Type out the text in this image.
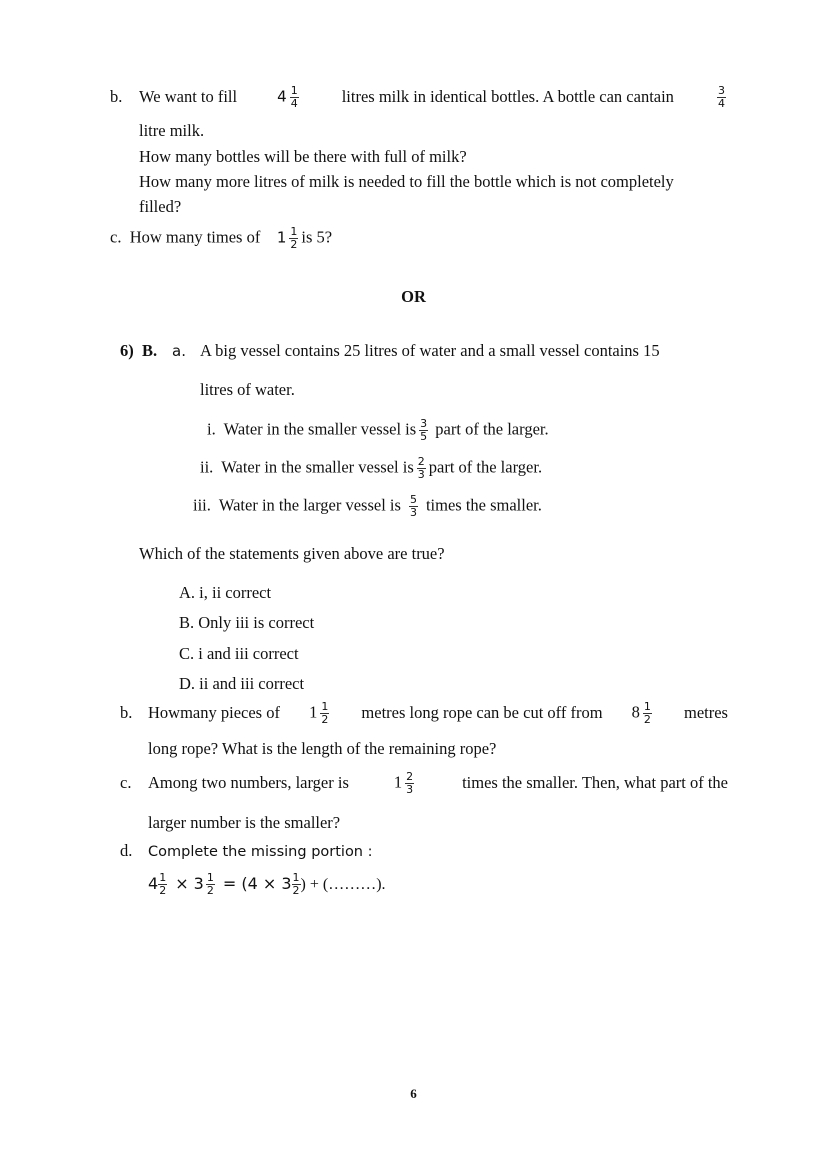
b. We want to fill	$4 \frac{1}{4}$	litres milk in identical bottles. A bottle can cantain	3
4
litre milk.
How many bottles will be there with full of milk?
How many more litres of milk is needed to fill the bottle which is not completely
filled?
c. How many times of $1 \frac{1}{2}$ is 5?
OR
6) B. a. A big vessel contains 25 litres of water and a small vessel contains 15
litres of water.
i. Water in the smaller vessel is $\frac{3}{5}$ part of the larger.
ii. Water in the smaller vessel is $\frac{2}{3}$ part of the larger.
iii. Water in the larger vessel is $\frac{5}{3}$ times the smaller.
Which of the statements given above are true?
A. i, ii correct
B. Only iii is correct
C. i and iii correct
D. ii and iii correct
b. Howmany pieces of $1 \frac{1}{2}$ metres long rope can be cut off from $8 \frac{1}{2}$ metres
long rope? What is the length of the remaining rope?
c. Among two numbers, larger is	$1 \frac{2}{3}$	times the smaller. Then, what part of the
larger number is the smaller?
d. Complete the missing portion :
$4 \frac{1}{2} \times 3 \frac{1}{2} = (4 \times 3 \frac{1}{2}$ ) + (………).
6
